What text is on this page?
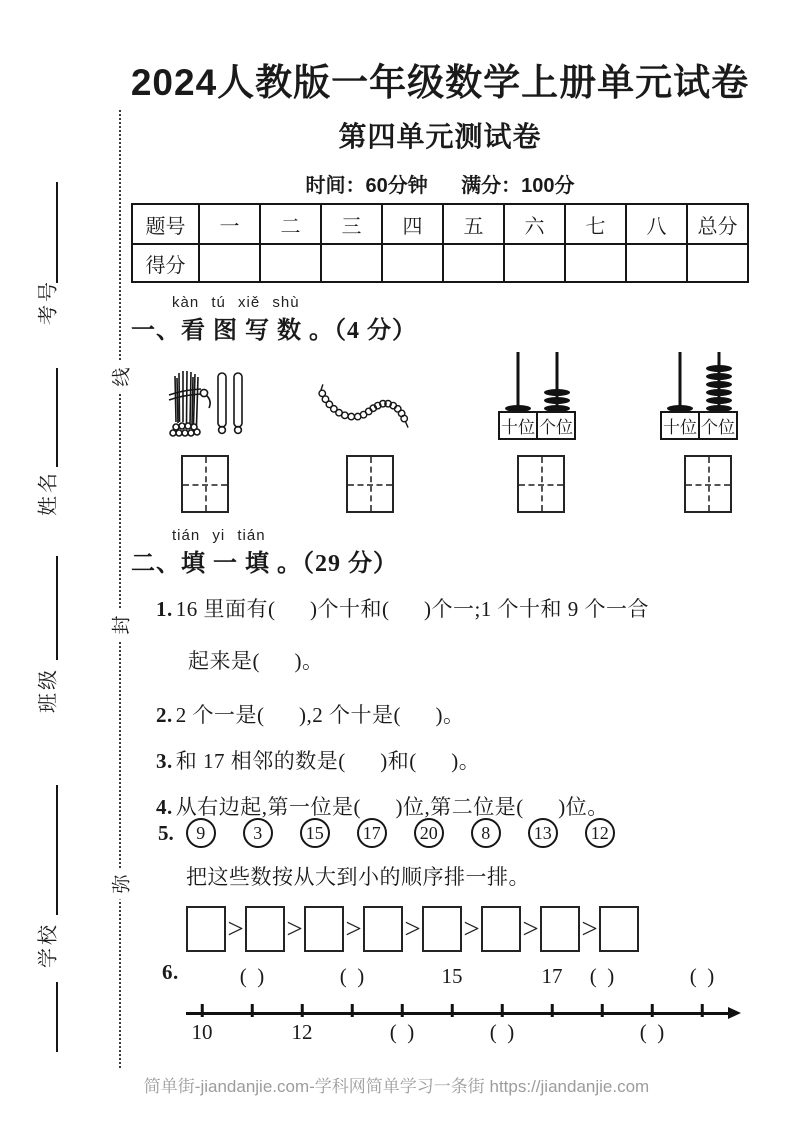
考号
姓名
班级
学校
线
封
弥
2024人教版一年级数学上册单元试卷
第四单元测试卷
时间：60分钟      满分：100分
题号	一	二	三	四	五	六	七	八	总分
得分									
kàn tú xiě shù
一、看 图 写 数 。（4 分）
十位 个位	十位 个位
tián yi tián
二、填 一 填 。（29 分）
1. 16 里面有(      )个十和(      )个一;1 个十和 9 个一合
起来是(      )。
2. 2 个一是(      ),2 个十是(      )。
3. 和 17 相邻的数是(      )和(      )。
4. 从右边起,第一位是(      )位,第二位是(      )位。
5.	9	3	15	17	20	8	13	12
把这些数按从大到小的顺序排一排。
> > > > > > >
6.	(  )	(  )	15	17 (  )	(  )
10	12	(  )	(  )	(  )
简单街-jiandanjie.com-学科网简单学习一条街 https://jiandanjie.com
